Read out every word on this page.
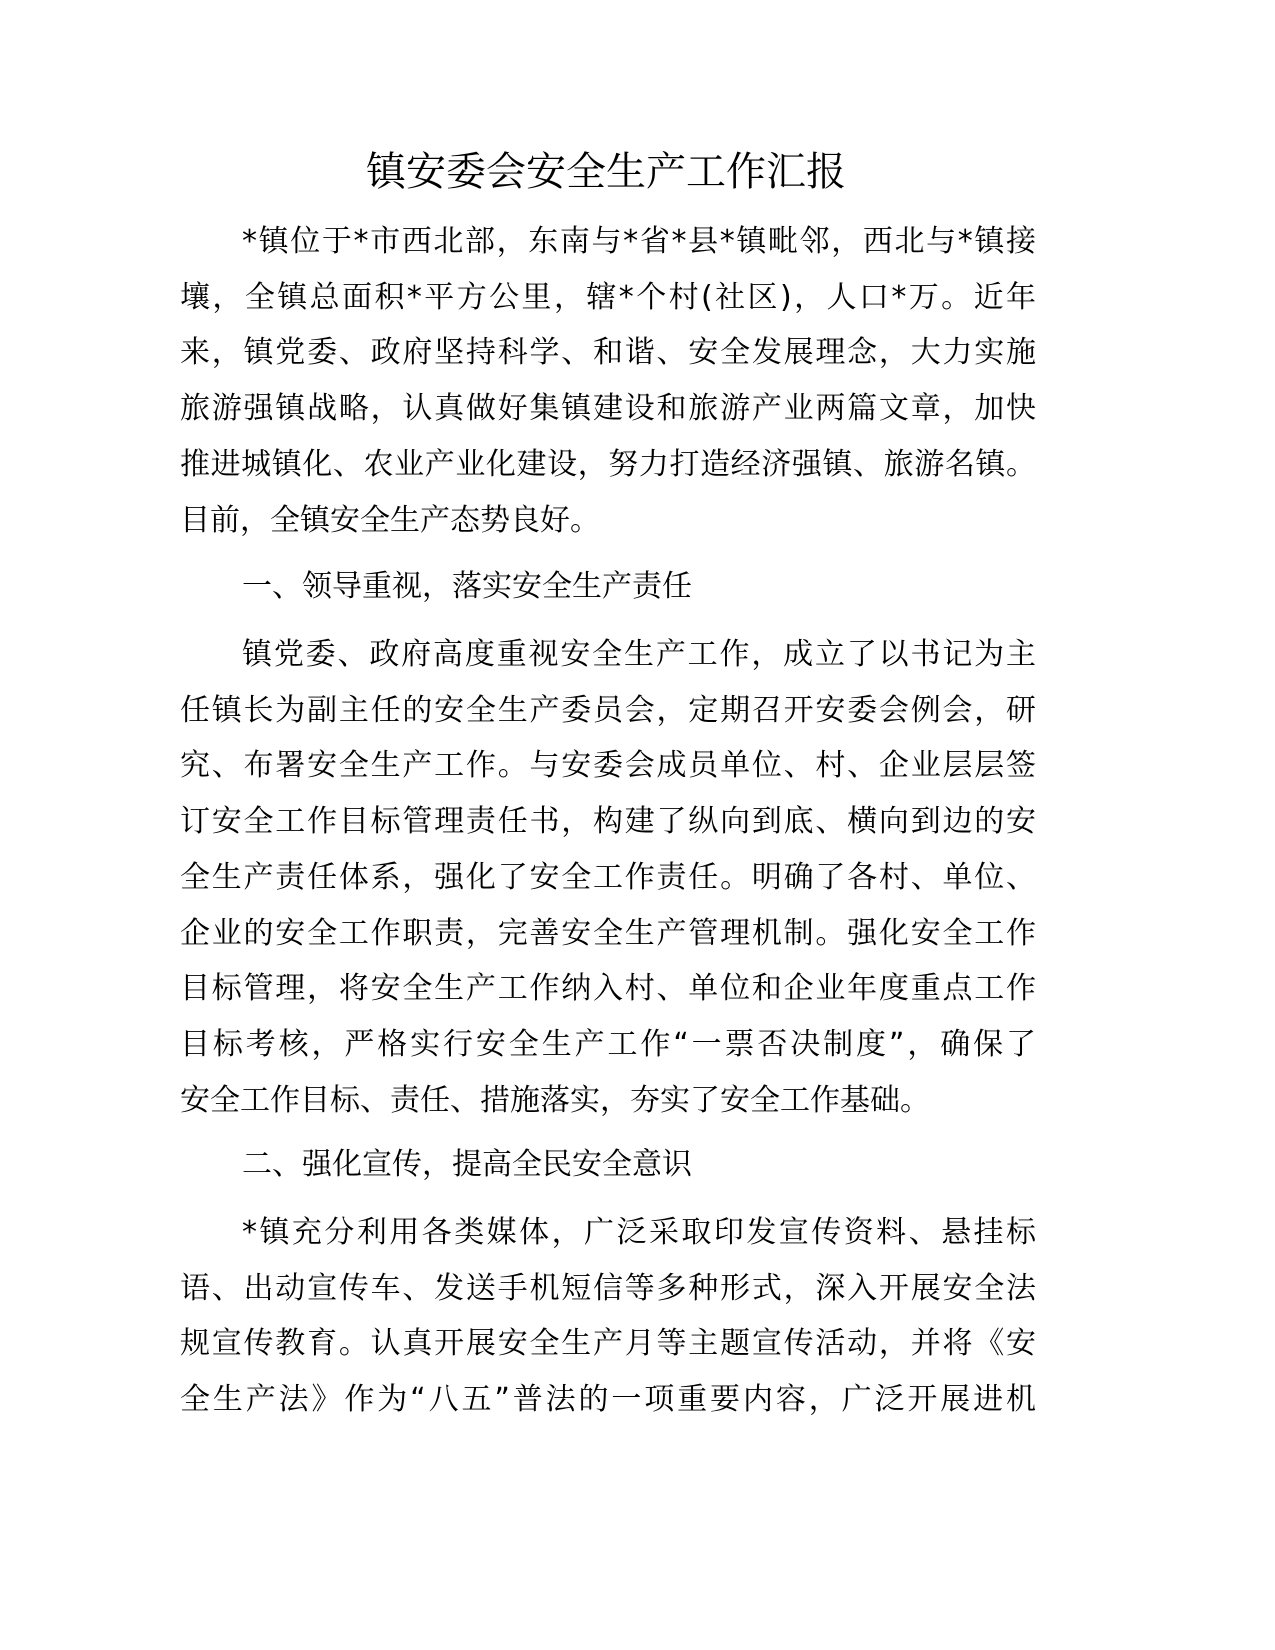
镇安委会安全生产工作汇报
*镇位于*市西北部，东南与*省*县*镇毗邻，西北与*镇接
壤，全镇总面积*平方公里，辖*个村(社区)，人口*万。近年
来，镇党委、政府坚持科学、和谐、安全发展理念，大力实施
旅游强镇战略，认真做好集镇建设和旅游产业两篇文章，加快
推进城镇化、农业产业化建设，努力打造经济强镇、旅游名镇。
目前，全镇安全生产态势良好。
一、领导重视，落实安全生产责任
镇党委、政府高度重视安全生产工作，成立了以书记为主
任镇长为副主任的安全生产委员会，定期召开安委会例会，研
究、布署安全生产工作。与安委会成员单位、村、企业层层签
订安全工作目标管理责任书，构建了纵向到底、横向到边的安
全生产责任体系，强化了安全工作责任。明确了各村、单位、
企业的安全工作职责，完善安全生产管理机制。强化安全工作
目标管理，将安全生产工作纳入村、单位和企业年度重点工作
目标考核，严格实行安全生产工作“一票否决制度”，确保了
安全工作目标、责任、措施落实，夯实了安全工作基础。
二、强化宣传，提高全民安全意识
*镇充分利用各类媒体，广泛采取印发宣传资料、悬挂标
语、出动宣传车、发送手机短信等多种形式，深入开展安全法
规宣传教育。认真开展安全生产月等主题宣传活动，并将《安
全生产法》作为“八五”普法的一项重要内容，广泛开展进机
